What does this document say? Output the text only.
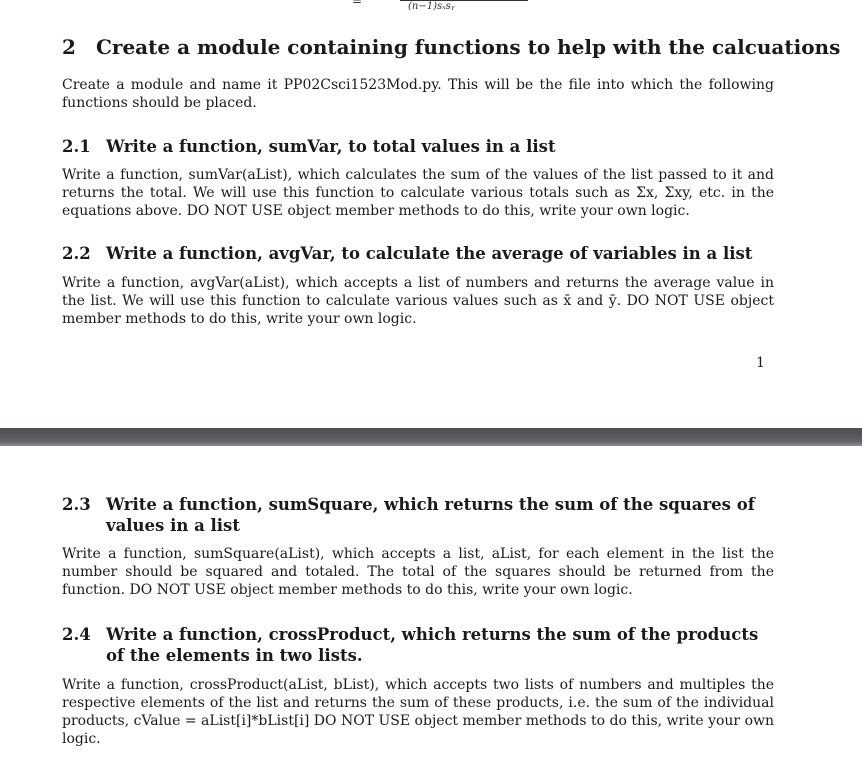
=	(n−1)sₓsᵧ
2 Create a module containing functions to help with the calcuations

Create a module and name it PP02Csci1523Mod.py. This will be the file into which the following functions should be placed.

2.1 Write a function, sumVar, to total values in a list

Write a function, sumVar(aList), which calculates the sum of the values of the list passed to it and returns the total. We will use this function to calculate various totals such as Σx, Σxy, etc. in the equations above. DO NOT USE object member methods to do this, write your own logic.

2.2 Write a function, avgVar, to calculate the average of variables in a list

Write a function, avgVar(aList), which accepts a list of numbers and returns the average value in the list. We will use this function to calculate various values such as x̄ and ȳ. DO NOT USE object member methods to do this, write your own logic.

1
2.3 Write a function, sumSquare, which returns the sum of the squares of values in a list

Write a function, sumSquare(aList), which accepts a list, aList, for each element in the list the number should be squared and totaled. The total of the squares should be returned from the function. DO NOT USE object member methods to do this, write your own logic.

2.4 Write a function, crossProduct, which returns the sum of the products of the elements in two lists.

Write a function, crossProduct(aList, bList), which accepts two lists of numbers and multiples the respective elements of the list and returns the sum of these products, i.e. the sum of the individual products, cValue = aList[i]*bList[i] DO NOT USE object member methods to do this, write your own logic.
